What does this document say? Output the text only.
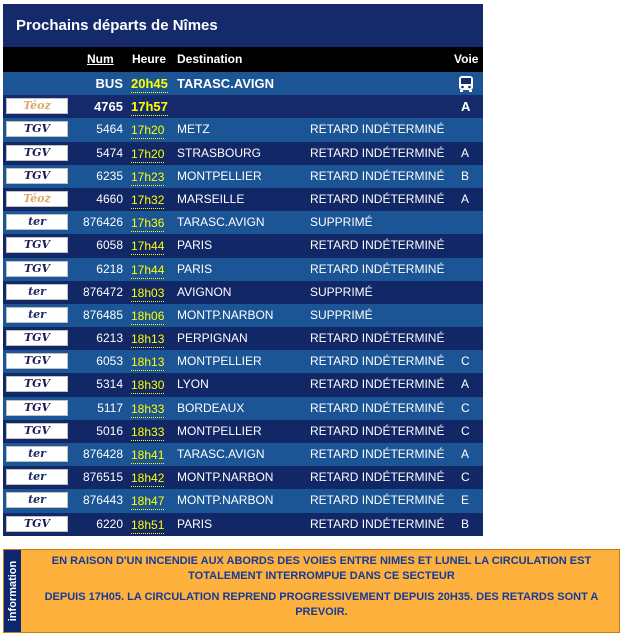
Prochains départs de Nîmes
Num Heure Destination	Voie
BUS 20h45 TARASC.AVIGN
Téoz	4765 17h57	A
TGV	5464 17h20 METZ	RETARD INDÉTERMINÉ
TGV	5474 17h20 STRASBOURG	RETARD INDÉTERMINÉ A
TGV	6235 17h23 MONTPELLIER	RETARD INDÉTERMINÉ B
Téoz	4660 17h32 MARSEILLE	RETARD INDÉTERMINÉ A
ter	876426 17h36 TARASC.AVIGN	SUPPRIMÉ
TGV	6058 17h44 PARIS	RETARD INDÉTERMINÉ
TGV	6218 17h44 PARIS	RETARD INDÉTERMINÉ
ter	876472 18h03 AVIGNON	SUPPRIMÉ
ter	876485 18h06 MONTP.NARBON	SUPPRIMÉ
TGV	6213 18h13 PERPIGNAN	RETARD INDÉTERMINÉ
TGV	6053 18h13 MONTPELLIER	RETARD INDÉTERMINÉ C
TGV	5314 18h30 LYON	RETARD INDÉTERMINÉ A
TGV	5117 18h33 BORDEAUX	RETARD INDÉTERMINÉ C
TGV	5016 18h33 MONTPELLIER	RETARD INDÉTERMINÉ C
ter	876428 18h41 TARASC.AVIGN	RETARD INDÉTERMINÉ A
ter	876515 18h42 MONTP.NARBON	RETARD INDÉTERMINÉ C
ter	876443 18h47 MONTP.NARBON	RETARD INDÉTERMINÉ E
TGV	6220 18h51 PARIS	RETARD INDÉTERMINÉ B
information	EN RAISON D'UN INCENDIE AUX ABORDS DES VOIES ENTRE NIMES ET LUNEL LA CIRCULATION EST TOTALEMENT INTERROMPUE DANS CE SECTEUR

DEPUIS 17H05. LA CIRCULATION REPREND PROGRESSIVEMENT DEPUIS 20H35. DES RETARDS SONT A PREVOIR.
